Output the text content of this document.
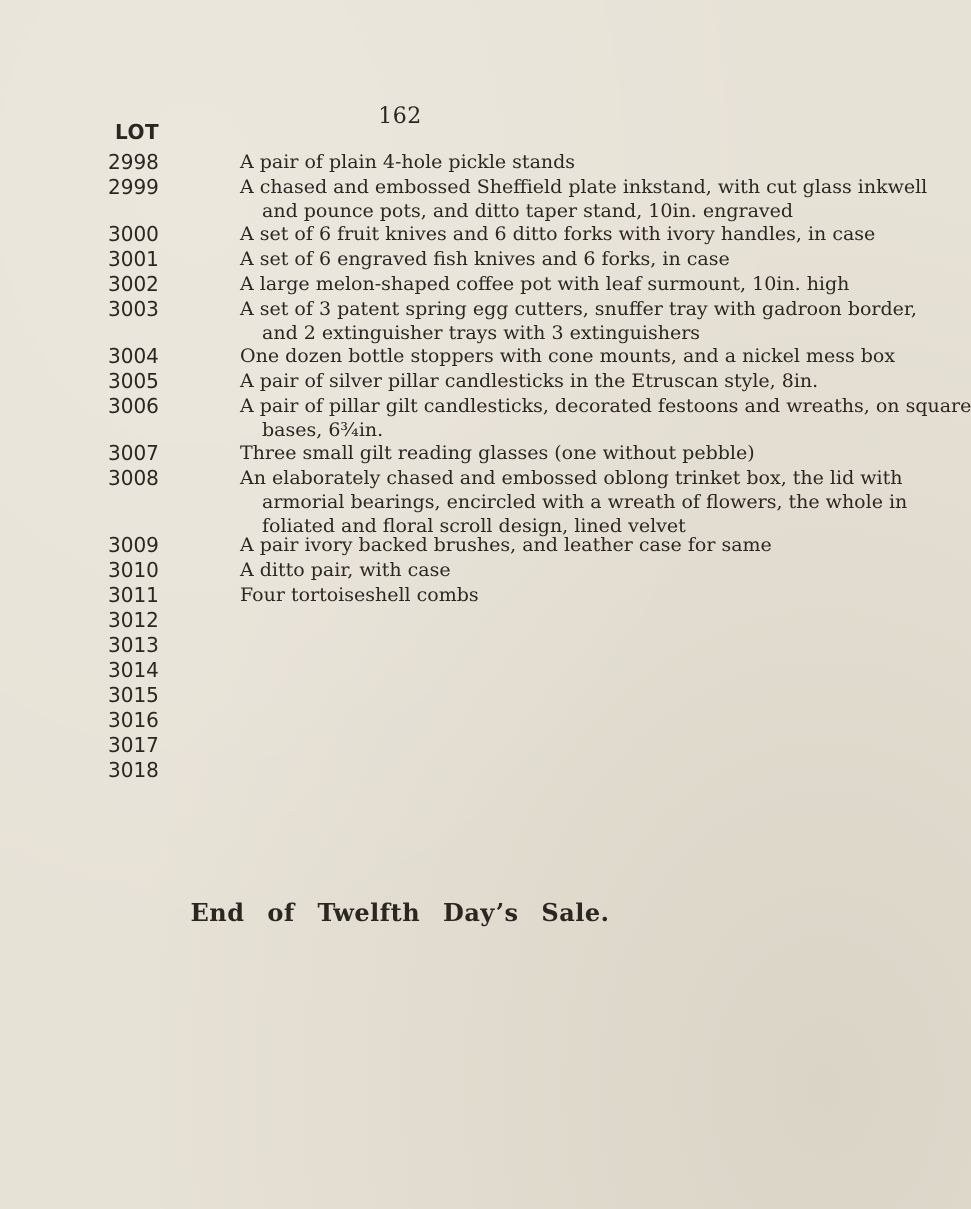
162
LOT
2998
2999
3000
3001
3002
3003
3004
3005
3006
3007
3008
3009
3010
3011
3012
3013
3014
3015
3016
3017
3018
A pair of plain 4-hole pickle stands
A chased and embossed Sheffield plate inkstand, with cut glass inkwell
and pounce pots, and ditto taper stand, 10in. engraved
A set of 6 fruit knives and 6 ditto forks with ivory handles, in case
A set of 6 engraved fish knives and 6 forks, in case
A large melon-shaped coffee pot with leaf surmount, 10in. high
A set of 3 patent spring egg cutters, snuffer tray with gadroon border,
and 2 extinguisher trays with 3 extinguishers
One dozen bottle stoppers with cone mounts, and a nickel mess box
A pair of silver pillar candlesticks in the Etruscan style, 8in.
A pair of pillar gilt candlesticks, decorated festoons and wreaths, on square
bases, 6¾in.
Three small gilt reading glasses (one without pebble)
An elaborately chased and embossed oblong trinket box, the lid with
armorial bearings, encircled with a wreath of flowers, the whole in
foliated and floral scroll design, lined velvet
A pair ivory backed brushes, and leather case for same
A ditto pair, with case
Four tortoiseshell combs
End of Twelfth Day’s Sale.
